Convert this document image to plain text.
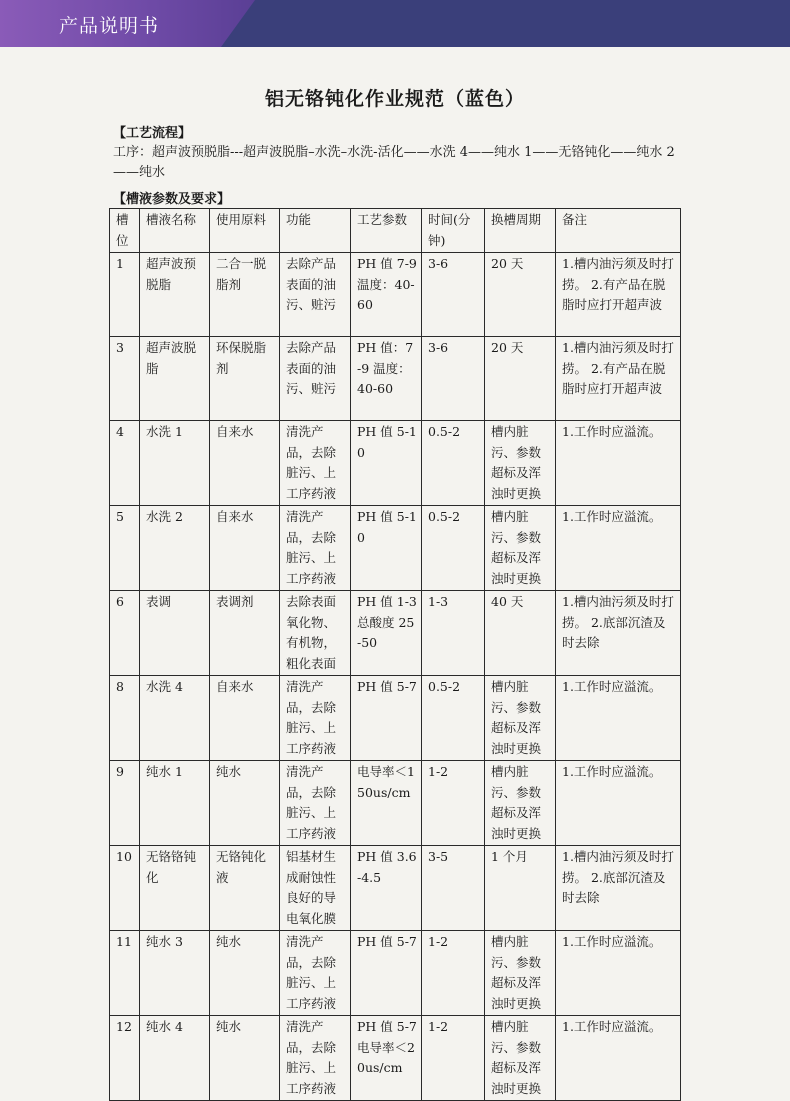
产品说明书
铝无铬钝化作业规范（蓝色）
【工艺流程】
工序：超声波预脱脂---超声波脱脂–水洗–水洗-活化——水洗 4——纯水 1——无铬钝化——纯水 2——纯水
【槽液参数及要求】
槽位	槽液名称	使用原料	功能	工艺参数	时间(分钟)	换槽周期	备注
1	超声波预脱脂	二合一脱脂剂	去除产品表面的油污、赃污	PH 值 7-9 温度：40-60	3-6	20 天	1.槽内油污须及时打捞。 2.有产品在脱脂时应打开超声波
3	超声波脱脂	环保脱脂剂	去除产品表面的油污、赃污	PH 值：7-9 温度：40-60	3-6	20 天	1.槽内油污须及时打捞。 2.有产品在脱脂时应打开超声波
4	水洗 1	自来水	清洗产品，去除脏污、上工序药液	PH 值 5-10	0.5-2	槽内脏污、参数超标及浑浊时更换	1.工作时应溢流。
5	水洗 2	自来水	清洗产品，去除脏污、上工序药液	PH 值 5-10	0.5-2	槽内脏污、参数超标及浑浊时更换	1.工作时应溢流。
6	表调	表调剂	去除表面氧化物、有机物，粗化表面	PH 值 1-3 总酸度 25-50	1-3	40 天	1.槽内油污须及时打捞。 2.底部沉渣及时去除
8	水洗 4	自来水	清洗产品，去除脏污、上工序药液	PH 值 5-7	0.5-2	槽内脏污、参数超标及浑浊时更换	1.工作时应溢流。
9	纯水 1	纯水	清洗产品，去除脏污、上工序药液	电导率＜150us/cm	1-2	槽内脏污、参数超标及浑浊时更换	1.工作时应溢流。
10	无铬铬钝化	无铬钝化液	铝基材生成耐蚀性良好的导电氧化膜	PH 值 3.6-4.5	3-5	1 个月	1.槽内油污须及时打捞。 2.底部沉渣及时去除
11	纯水 3	纯水	清洗产品，去除脏污、上工序药液	PH 值 5-7	1-2	槽内脏污、参数超标及浑浊时更换	1.工作时应溢流。
12	纯水 4	纯水	清洗产品，去除脏污、上工序药液	PH 值 5-7 电导率＜20us/cm	1-2	槽内脏污、参数超标及浑浊时更换	1.工作时应溢流。
